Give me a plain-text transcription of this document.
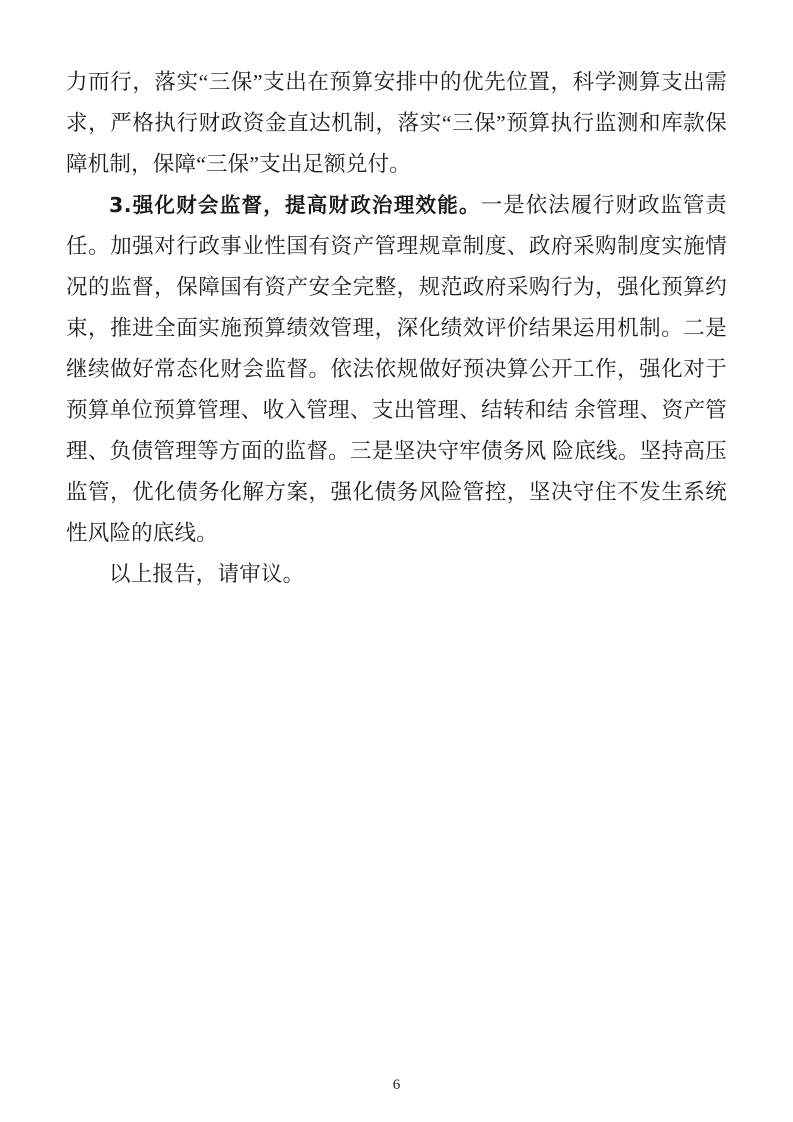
力而行，落实“三保”支出在预算安排中的优先位置，科学测算支出需求，严格执行财政资金直达机制，落实“三保”预算执行监测和库款保障机制，保障“三保”支出足额兑付。

3.强化财会监督，提高财政治理效能。一是依法履行财政监管责任。加强对行政事业性国有资产管理规章制度、政府采购制度实施情况的监督，保障国有资产安全完整，规范政府采购行为，强化预算约束，推进全面实施预算绩效管理，深化绩效评价结果运用机制。二是继续做好常态化财会监督。依法依规做好预决算公开工作，强化对于预算单位预算管理、收入管理、支出管理、结转和结 余管理、资产管理、负债管理等方面的监督。三是坚决守牢债务风 险底线。坚持高压监管，优化债务化解方案，强化债务风险管控，坚决守住不发生系统性风险的底线。

以上报告，请审议。

6
